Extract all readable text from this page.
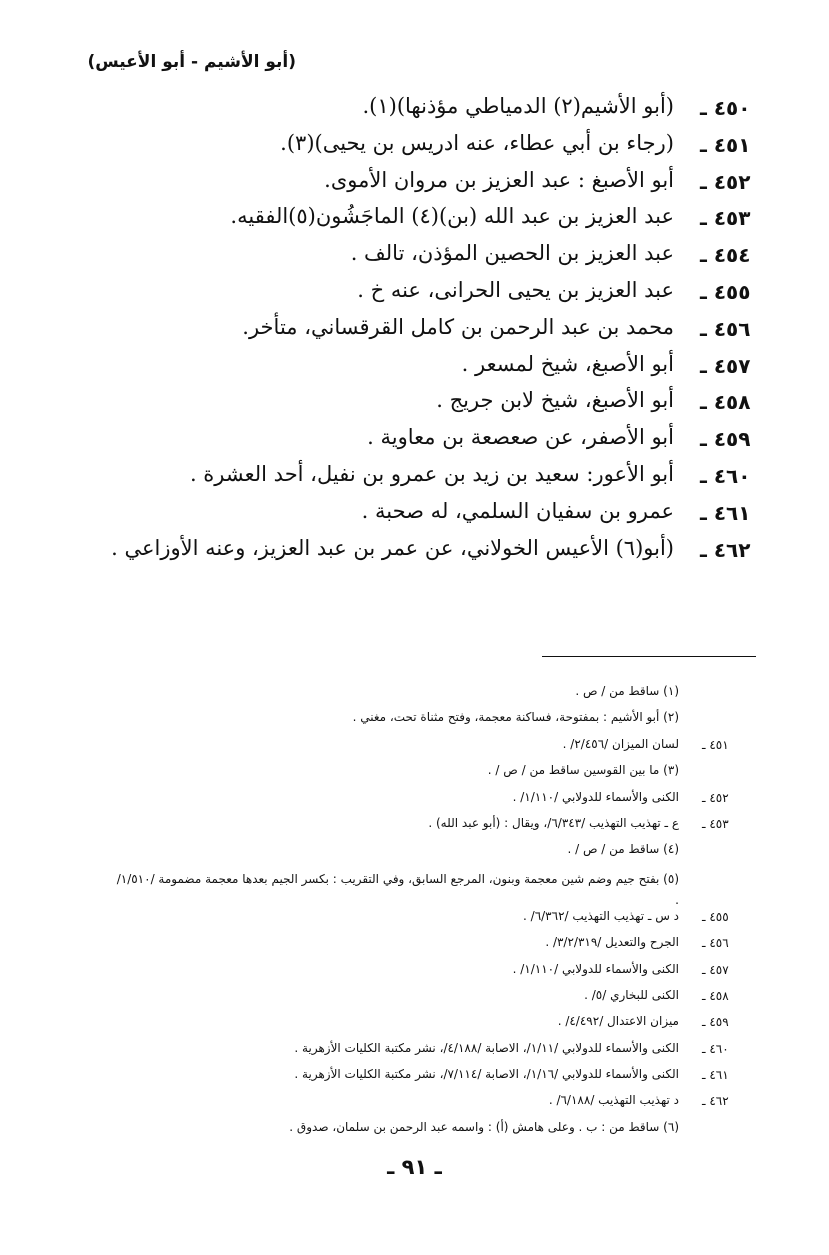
(أبو الأشيم - أبو الأعيس)
٤٥٠ ـ
(أبو الأشيم(٢) الدمياطي مؤذنها)(١).
٤٥١ ـ
(رجاء بن أبي عطاء، عنه ادريس بن يحيى)(٣).
٤٥٢ ـ
أبو الأصبغ : عبد العزيز بن مروان الأموى.
٤٥٣ ـ
عبد العزيز بن عبد الله (بن)(٤) الماجَشُون(٥)الفقيه.
٤٥٤ ـ
عبد العزيز بن الحصين المؤذن، تالف .
٤٥٥ ـ
عبد العزيز بن يحيى الحرانى، عنه خ .
٤٥٦ ـ
محمد بن عبد الرحمن بن كامل القرقساني، متأخر.
٤٥٧ ـ
أبو الأصبغ، شيخ لمسعر .
٤٥٨ ـ
أبو الأصبغ، شيخ لابن جريج .
٤٥٩ ـ
أبو الأصفر، عن صعصعة بن معاوية .
٤٦٠ ـ
أبو الأعور: سعيد بن زيد بن عمرو بن نفيل، أحد العشرة .
٤٦١ ـ
عمرو بن سفيان السلمي، له صحبة .
٤٦٢ ـ
(أبو(٦) الأعيس الخولاني، عن عمر بن عبد العزيز، وعنه الأوزاعي .
(١) ساقط من / ص .
(٢) أبو الأشيم : بمفتوحة، فساكنة معجمة، وفتح مثناة تحت، مغني .
٤٥١ ـ
لسان الميزان /٢/٤٥٦/ .
(٣) ما بين القوسين ساقط من / ص / .
٤٥٢ ـ
الكنى والأسماء للدولابي /١/١١٠/ .
٤٥٣ ـ
ع ـ تهذيب التهذيب /٦/٣٤٣/، ويقال : (أبو عبد الله) .
(٤) ساقط من / ص / .
(٥) بفتح جيم وضم شين معجمة وبنون، المرجع السابق، وفي التقريب : بكسر الجيم بعدها معجمة مضمومة /١/٥١٠/ .
٤٥٥ ـ
د س ـ تهذيب التهذيب /٦/٣٦٢/ .
٤٥٦ ـ
الجرح والتعديل /٣/٢/٣١٩/ .
٤٥٧ ـ
الكنى والأسماء للدولابي /١/١١٠/ .
٤٥٨ ـ
الكنى للبخاري /٥/ .
٤٥٩ ـ
ميزان الاعتدال /٤/٤٩٢/ .
٤٦٠ ـ
الكنى والأسماء للدولابي /١/١١/، الاصابة /٤/١٨٨/، نشر مكتبة الكليات الأزهرية .
٤٦١ ـ
الكنى والأسماء للدولابي /١/١٦/، الاصابة /٧/١١٤/، نشر مكتبة الكليات الأزهرية .
٤٦٢ ـ
د تهذيب التهذيب /٦/١٨٨/ .
(٦) ساقط من : ب . وعلى هامش (أ) : واسمه عبد الرحمن بن سلمان، صدوق .
ـ ٩١ ـ
